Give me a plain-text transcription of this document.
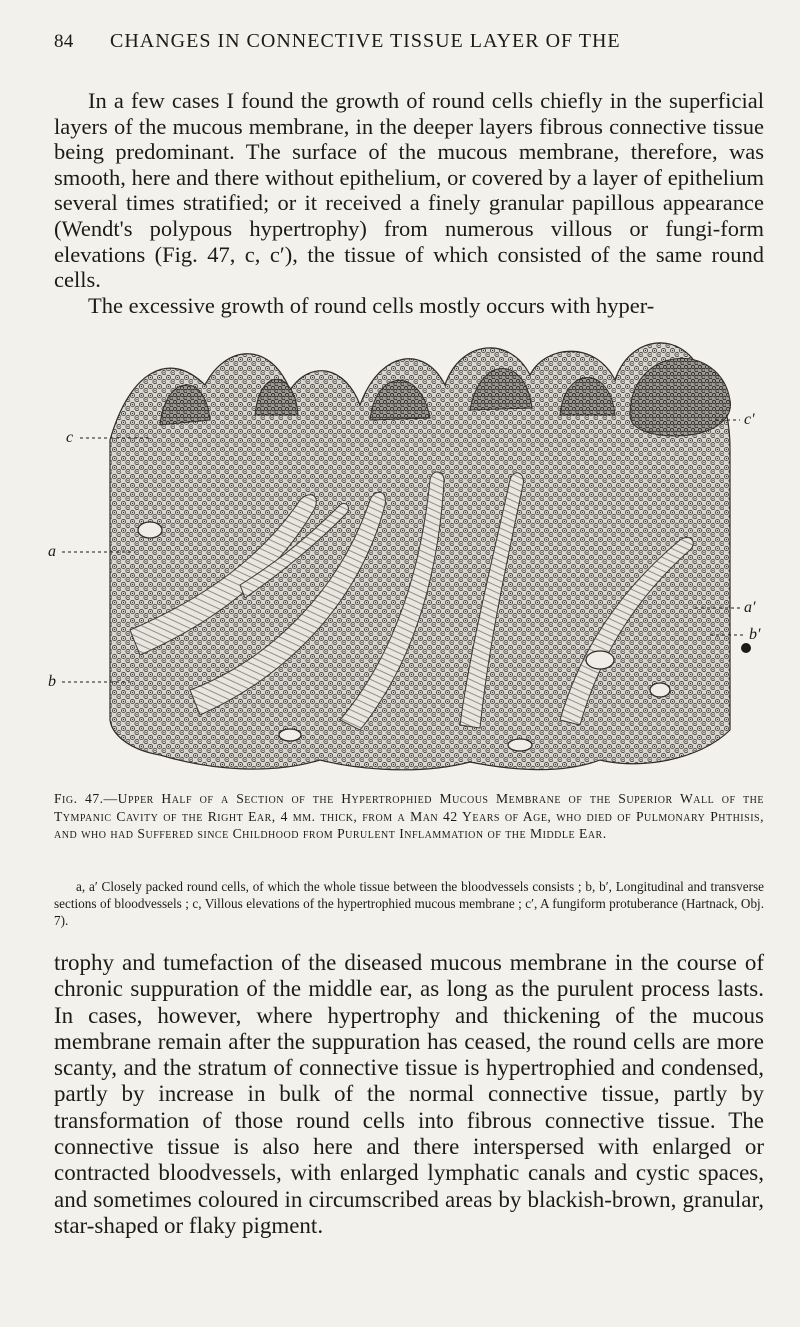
84 CHANGES IN CONNECTIVE TISSUE LAYER OF THE

In a few cases I found the growth of round cells chiefly in the superficial layers of the mucous membrane, in the deeper layers fibrous connective tissue being predominant. The surface of the mucous membrane, therefore, was smooth, here and there without epithelium, or covered by a layer of epithelium several times stratified; or it received a finely granular papillous appearance (Wendt's polypous hypertrophy) from numerous villous or fungi-form elevations (Fig. 47, c, c′), the tissue of which consisted of the same round cells.
The excessive growth of round cells mostly occurs with hyper-

c
c′
a
a′
b
b′
Fig. 47.—Upper Half of a Section of the Hypertrophied Mucous Membrane of the Superior Wall of the Tympanic Cavity of the Right Ear, 4 mm. thick, from a Man 42 Years of Age, who died of Pulmonary Phthisis, and who had Suffered since Childhood from Purulent Inflammation of the Middle Ear.
a, a′ Closely packed round cells, of which the whole tissue between the bloodvessels consists ; b, b′, Longitudinal and transverse sections of bloodvessels ; c, Villous elevations of the hypertrophied mucous membrane ; c′, A fungiform protuberance (Hartnack, Obj. 7).

trophy and tumefaction of the diseased mucous membrane in the course of chronic suppuration of the middle ear, as long as the purulent process lasts. In cases, however, where hypertrophy and thickening of the mucous membrane remain after the suppuration has ceased, the round cells are more scanty, and the stratum of connective tissue is hypertrophied and condensed, partly by increase in bulk of the normal connective tissue, partly by transformation of those round cells into fibrous connective tissue. The connective tissue is also here and there interspersed with enlarged or contracted bloodvessels, with enlarged lymphatic canals and cystic spaces, and sometimes coloured in circumscribed areas by blackish-brown, granular, star-shaped or flaky pigment.
